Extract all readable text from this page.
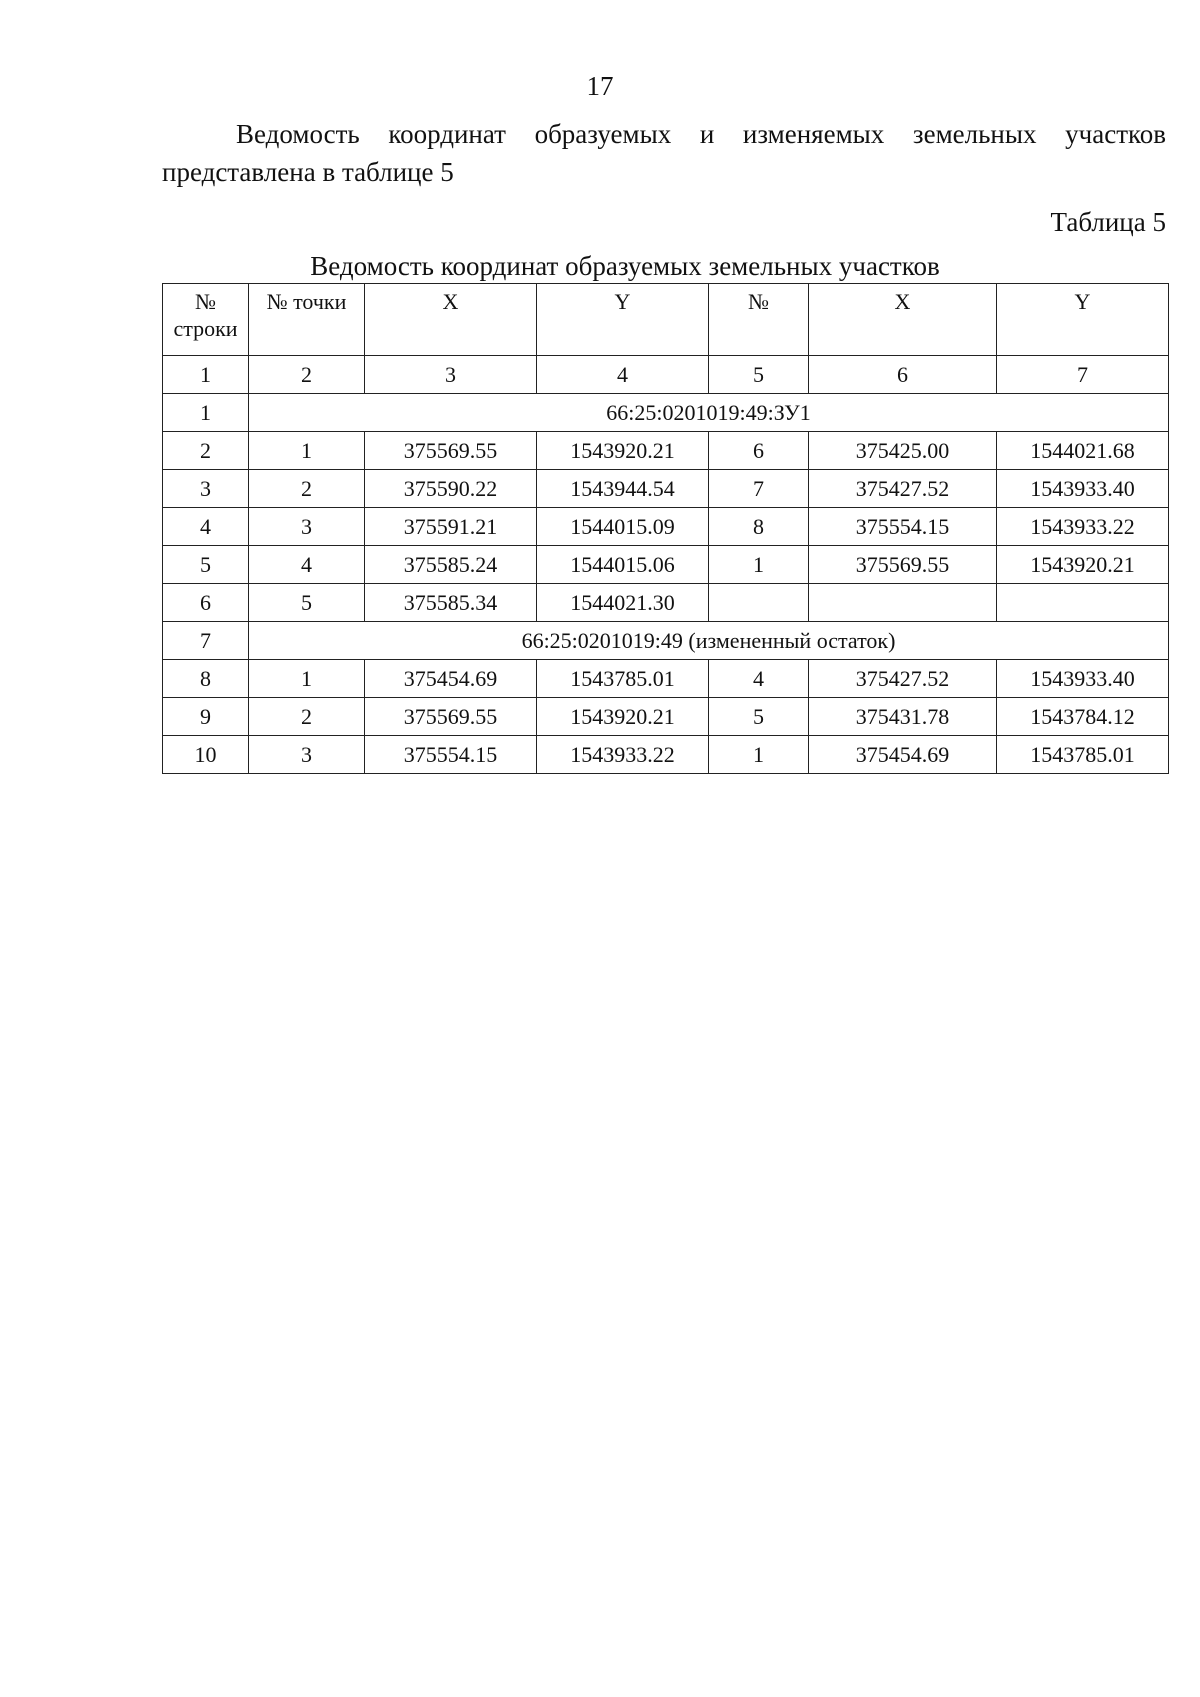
17
Ведомость координат образуемых и изменяемых земельных участков
представлена в таблице 5
Таблица 5
Ведомость координат образуемых земельных участков
№ строки	№ точки	X	Y	№	X	Y
1	2	3	4	5	6	7
1	66:25:0201019:49:ЗУ1					
2	1	375569.55	1543920.21	6	375425.00	1544021.68
3	2	375590.22	1543944.54	7	375427.52	1543933.40
4	3	375591.21	1544015.09	8	375554.15	1543933.22
5	4	375585.24	1544015.06	1	375569.55	1543920.21
6	5	375585.34	1544021.30			
7	66:25:0201019:49 (измененный остаток)					
8	1	375454.69	1543785.01	4	375427.52	1543933.40
9	2	375569.55	1543920.21	5	375431.78	1543784.12
10	3	375554.15	1543933.22	1	375454.69	1543785.01
